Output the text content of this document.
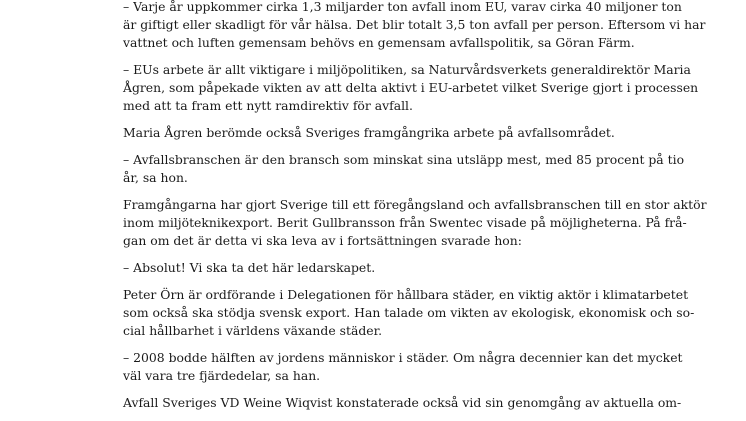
– Varje år uppkommer cirka 1,3 miljarder ton avfall inom EU, varav cirka 40 miljoner ton
är giftigt eller skadligt för vår hälsa. Det blir totalt 3,5 ton avfall per person. Eftersom vi har
vattnet och luften gemensam behövs en gemensam avfallspolitik, sa Göran Färm.

– EUs arbete är allt viktigare i miljöpolitiken, sa Naturvårdsverkets generaldirektör Maria
Ågren, som påpekade vikten av att delta aktivt i EU-arbetet vilket Sverige gjort i processen
med att ta fram ett nytt ramdirektiv för avfall.

Maria Ågren berömde också Sveriges framgångrika arbete på avfallsområdet.

– Avfallsbranschen är den bransch som minskat sina utsläpp mest, med 85 procent på tio
år, sa hon.

Framgångarna har gjort Sverige till ett föregångsland och avfallsbranschen till en stor aktör
inom miljöteknikexport. Berit Gullbransson från Swentec visade på möjligheterna. På frå-
gan om det är detta vi ska leva av i fortsättningen svarade hon:

– Absolut! Vi ska ta det här ledarskapet.

Peter Örn är ordförande i Delegationen för hållbara städer, en viktig aktör i klimatarbetet
som också ska stödja svensk export. Han talade om vikten av ekologisk, ekonomisk och so-
cial hållbarhet i världens växande städer.

– 2008 bodde hälften av jordens människor i städer. Om några decennier kan det mycket
väl vara tre fjärdedelar, sa han.

Avfall Sveriges VD Weine Wiqvist konstaterade också vid sin genomgång av aktuella om-
